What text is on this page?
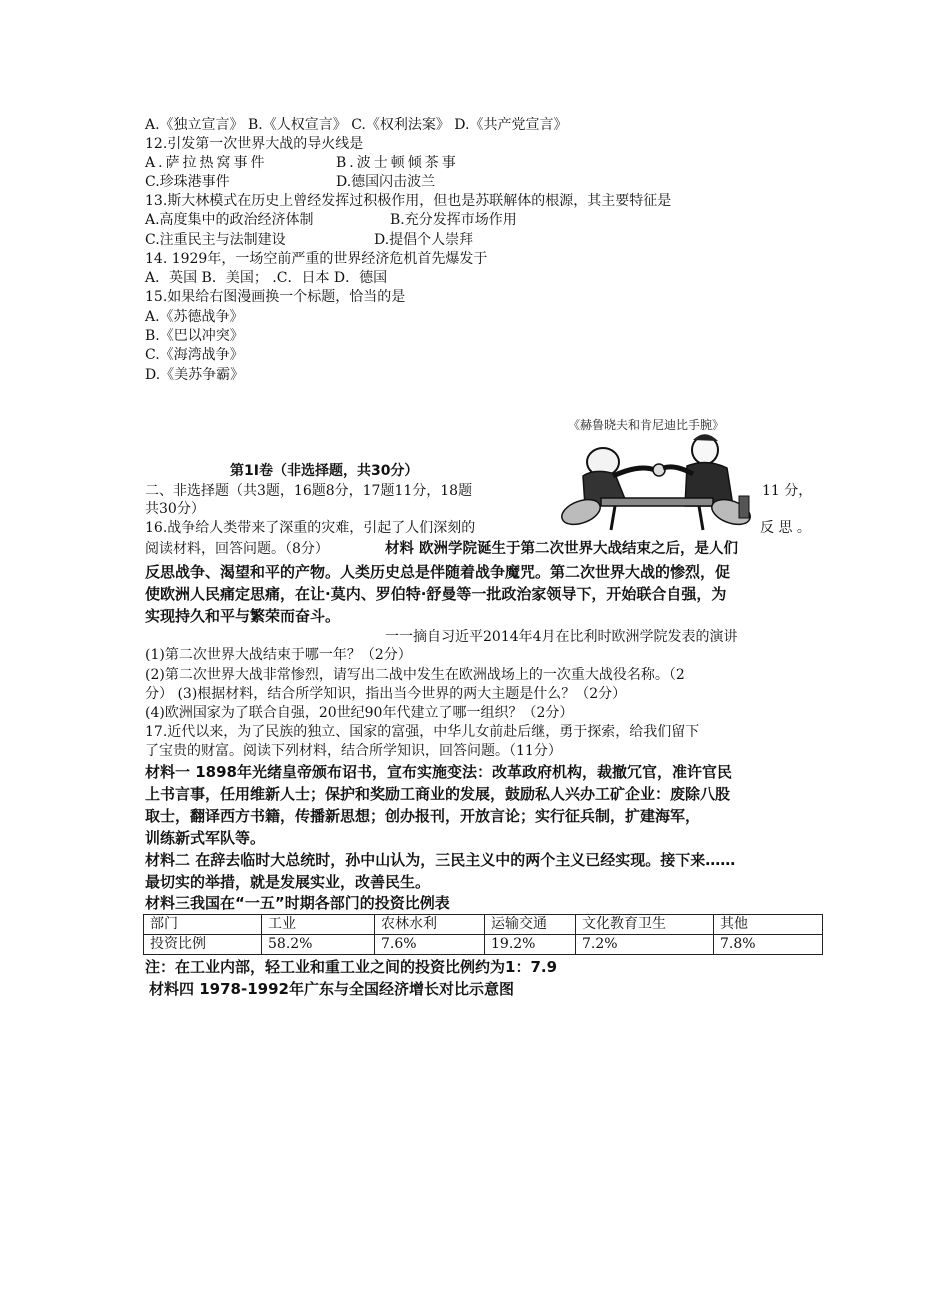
A.《独立宣言》 B.《人权宣言》 C.《权利法案》 D.《共产党宣言》
12.引发第一次世界大战的导火线是
A.萨拉热窝事件	B.波士顿倾茶事
C.珍珠港事件	D.德国闪击波兰
13.斯大林模式在历史上曾经发挥过积极作用，但也是苏联解体的根源，其主要特征是
A.高度集中的政治经济体制	B.充分发挥市场作用
C.注重民主与法制建设	D.提倡个人崇拜
14. 1929年，一场空前严重的世界经济危机首先爆发于
A．英国 B．美国； .C．日本 D．德国
15.如果给右图漫画换一个标题，恰当的是
A.《苏德战争》
B.《巴以冲突》
C.《海湾战争》
D.《美苏争霸》
《赫鲁晓夫和肯尼迪比手腕》
第1I卷（非选择题，共30分）
二、非选择题（共3题，16题8分，17题11分，18题	11 分，
共30分）
16.战争给人类带来了深重的灾难，引起了人们深刻的	反 思 。
阅读材料，回答问题。（8分）	材料 欧洲学院诞生于第二次世界大战结束之后，是人们
反思战争、渴望和平的产物。人类历史总是伴随着战争魔咒。第二次世界大战的惨烈，促
使欧洲人民痛定思痛，在让·莫内、罗伯特·舒曼等一批政治家领导下，开始联合自强，为
实现持久和平与繁荣而奋斗。
一一摘自习近平2014年4月在比利时欧洲学院发表的演讲
(1)第二次世界大战结束于哪一年？（2分）
(2)第二次世界大战非常惨烈，请写出二战中发生在欧洲战场上的一次重大战役名称。（2
分） (3)根据材料，结合所学知识，指出当今世界的两大主题是什么？（2分）
(4)欧洲国家为了联合自强，20世纪90年代建立了哪一组织？（2分）
17.近代以来，为了民族的独立、国家的富强，中华儿女前赴后继，勇于探索，给我们留下
了宝贵的财富。阅读下列材料，结合所学知识，回答问题。（11分）
材料一 1898年光绪皇帝颁布诏书，宣布实施变法：改革政府机构，裁撤冗官，准许官民
上书言事，任用维新人士；保护和奖励工商业的发展，鼓励私人兴办工矿企业：废除八股
取士，翻译西方书籍，传播新思想；创办报刊，开放言论；实行征兵制，扩建海军，
训练新式军队等。
材料二 在辞去临时大总统时，孙中山认为，三民主义中的两个主义已经实现。接下来……
最切实的举措，就是发展实业，改善民生。
材料三我国在“一五”时期各部门的投资比例表
部门	工业	农林水利	运输交通	文化教育卫生	其他
投资比例	58.2%	7.6%	19.2%	7.2%	7.8%
注：在工业内部，轻工业和重工业之间的投资比例约为1：7.9
材料四 1978-1992年广东与全国经济增长对比示意图
